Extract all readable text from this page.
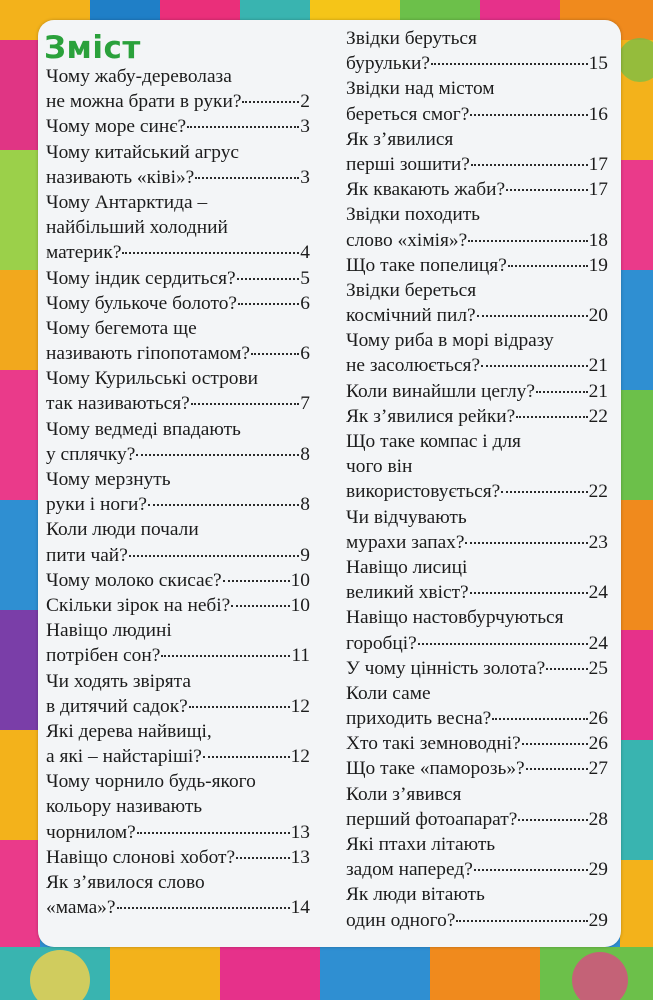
Зміст
Чому жабу-дереволаза
не можна брати в руки?	2
Чому море синє?	3
Чому китайський агрус
називають «ківі»?	3
Чому Антарктида –
найбільший холодний
материк?	4
Чому індик сердиться?	5
Чому булькоче болото?	6
Чому бегемота ще
називають гіпопотамом?	6
Чому Курильські острови
так називаються?	7
Чому ведмеді впадають
у сплячку?	8
Чому мерзнуть
руки і ноги?	8
Коли люди почали
пити чай?	9
Чому молоко скисає?	10
Скільки зірок на небі?	10
Навіщо людині
потрібен сон?	11
Чи ходять звірята
в дитячий садок?	12
Які дерева найвищі,
а які – найстаріші?	12
Чому чорнило будь-якого
кольору називають
чорнилом?	13
Навіщо слонові хобот?	13
Як з’явилося слово
«мама»?	14
Звідки беруться
бурульки?	15
Звідки над містом
береться смог?	16
Як з’явилися
перші зошити?	17
Як квакають жаби?	17
Звідки походить
слово «хімія»?	18
Що таке попелиця?	19
Звідки береться
космічний пил?	20
Чому риба в морі відразу
не засолюється?	21
Коли винайшли цеглу?	21
Як з’явилися рейки?	22
Що таке компас і для
чого він
використовується?	22
Чи відчувають
мурахи запах?	23
Навіщо лисиці
великий хвіст?	24
Навіщо настовбурчуються
горобці?	24
У чому цінність золота? 25
Коли саме
приходить весна?	26
Хто такі земноводні?	26
Що таке «паморозь»?	27
Коли з’явився
перший фотоапарат?	28
Які птахи літають
задом наперед?	29
Як люди вітають
один одного?	29
